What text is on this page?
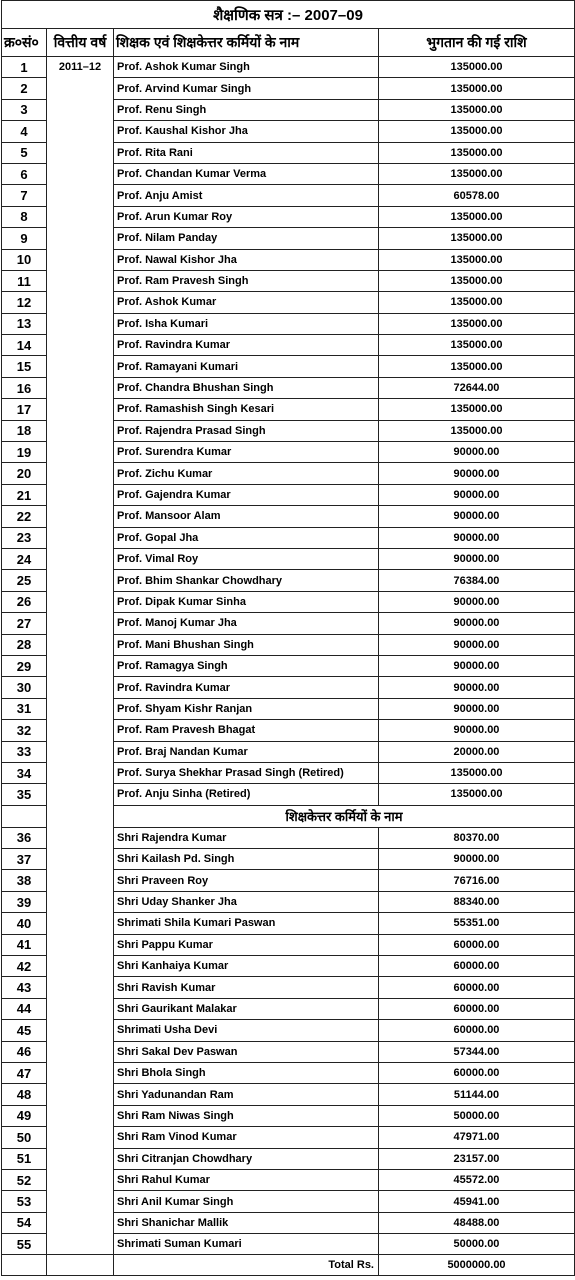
शैक्षणिक सत्र :– 2007–09			
क्र०सं०	वित्तीय वर्ष	शिक्षक एवं शिक्षकेत्तर कर्मियों के नाम	भुगतान की गई राशि
1	2011–12	Prof. Ashok Kumar Singh	135000.00
2		Prof. Arvind Kumar Singh	135000.00
3		Prof. Renu Singh	135000.00
4		Prof. Kaushal Kishor Jha	135000.00
5		Prof. Rita Rani	135000.00
6		Prof. Chandan Kumar Verma	135000.00
7		Prof. Anju Amist	60578.00
8		Prof. Arun Kumar Roy	135000.00
9		Prof. Nilam Panday	135000.00
10		Prof. Nawal Kishor Jha	135000.00
11		Prof. Ram Pravesh Singh	135000.00
12		Prof. Ashok Kumar	135000.00
13		Prof. Isha Kumari	135000.00
14		Prof. Ravindra Kumar	135000.00
15		Prof. Ramayani Kumari	135000.00
16		Prof. Chandra Bhushan Singh	72644.00
17		Prof. Ramashish Singh Kesari	135000.00
18		Prof. Rajendra Prasad Singh	135000.00
19		Prof. Surendra Kumar	90000.00
20		Prof. Zichu Kumar	90000.00
21		Prof. Gajendra Kumar	90000.00
22		Prof. Mansoor Alam	90000.00
23		Prof. Gopal Jha	90000.00
24		Prof. Vimal Roy	90000.00
25		Prof. Bhim Shankar Chowdhary	76384.00
26		Prof. Dipak Kumar Sinha	90000.00
27		Prof. Manoj Kumar Jha	90000.00
28		Prof. Mani Bhushan Singh	90000.00
29		Prof. Ramagya Singh	90000.00
30		Prof. Ravindra Kumar	90000.00
31		Prof. Shyam Kishr Ranjan	90000.00
32		Prof. Ram Pravesh Bhagat	90000.00
33		Prof. Braj Nandan Kumar	20000.00
34		Prof. Surya Shekhar Prasad Singh (Retired)	135000.00
35		Prof. Anju Sinha (Retired)	135000.00
		शिक्षकेत्तर कर्मियों के नाम	
36		Shri Rajendra Kumar	80370.00
37		Shri Kailash Pd. Singh	90000.00
38		Shri Praveen Roy	76716.00
39		Shri Uday Shanker Jha	88340.00
40		Shrimati Shila Kumari Paswan	55351.00
41		Shri Pappu Kumar	60000.00
42		Shri Kanhaiya Kumar	60000.00
43		Shri Ravish Kumar	60000.00
44		Shri Gaurikant Malakar	60000.00
45		Shrimati Usha Devi	60000.00
46		Shri Sakal Dev Paswan	57344.00
47		Shri Bhola Singh	60000.00
48		Shri Yadunandan Ram	51144.00
49		Shri Ram Niwas Singh	50000.00
50		Shri Ram Vinod Kumar	47971.00
51		Shri Citranjan Chowdhary	23157.00
52		Shri Rahul Kumar	45572.00
53		Shri Anil Kumar Singh	45941.00
54		Shri Shanichar Mallik	48488.00
55		Shrimati Suman Kumari	50000.00
		Total Rs.	5000000.00
